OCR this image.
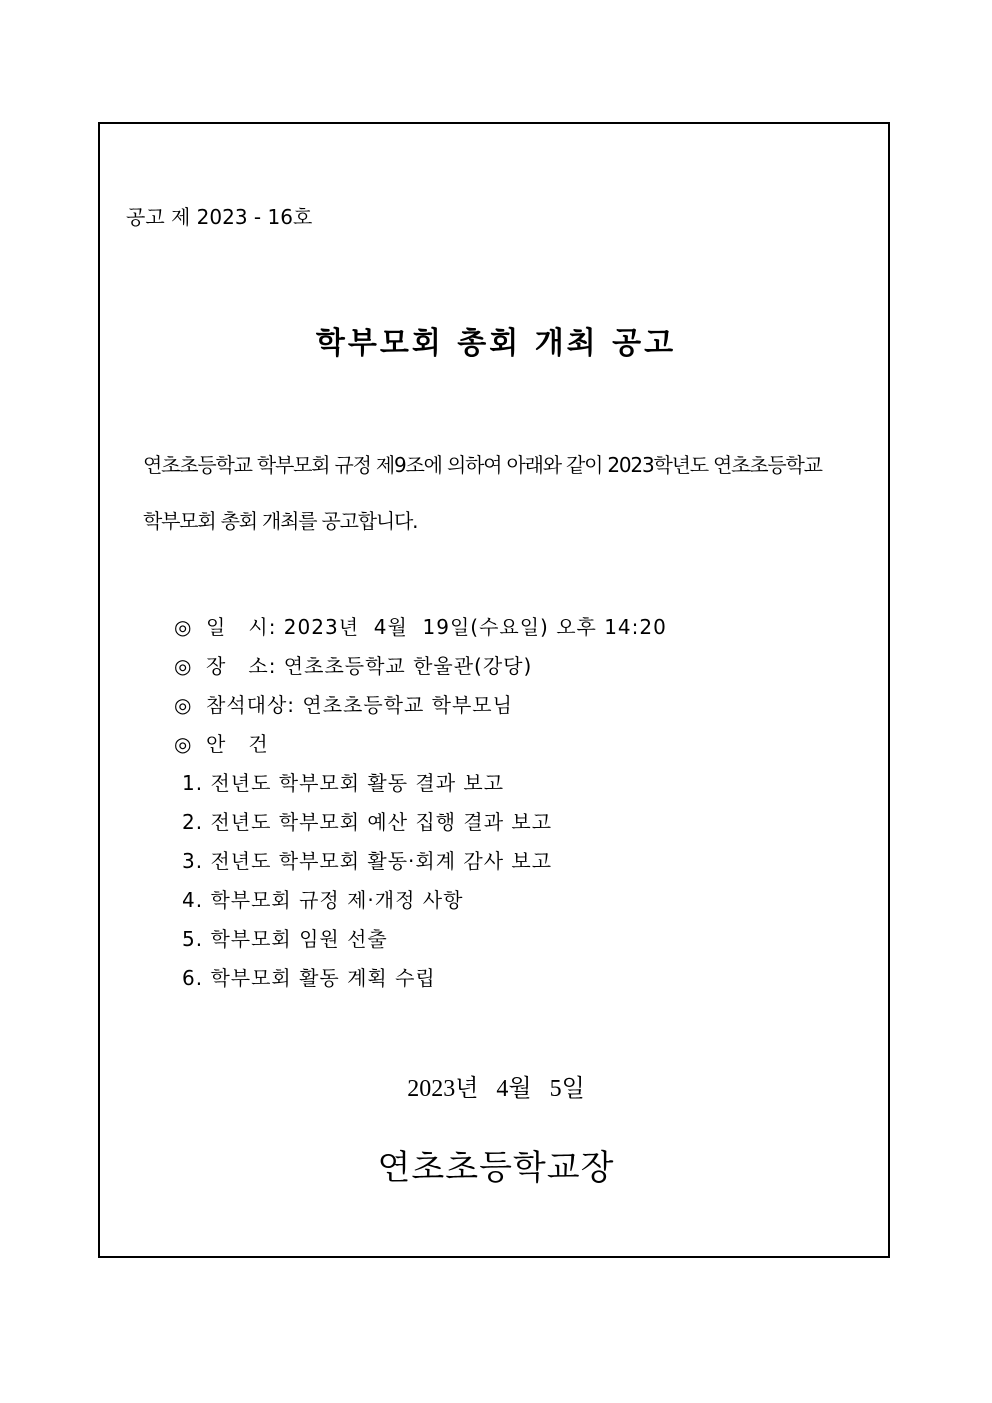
공고 제 2023 - 16호
학부모회 총회 개최 공고
연초초등학교 학부모회 규정 제9조에 의하여 아래와 같이 2023학년도 연초초등학교
학부모회 총회 개최를 공고합니다.
◎ 일   시: 2023년  4월  19일(수요일) 오후 14:20
◎ 장   소: 연초초등학교 한울관(강당)
◎ 참석대상: 연초초등학교 학부모님
◎ 안   건
1. 전년도 학부모회 활동 결과 보고
2. 전년도 학부모회 예산 집행 결과 보고
3. 전년도 학부모회 활동·회계 감사 보고
4. 학부모회 규정 제·개정 사항
5. 학부모회 임원 선출
6. 학부모회 활동 계획 수립
2023년   4월   5일
연초초등학교장
